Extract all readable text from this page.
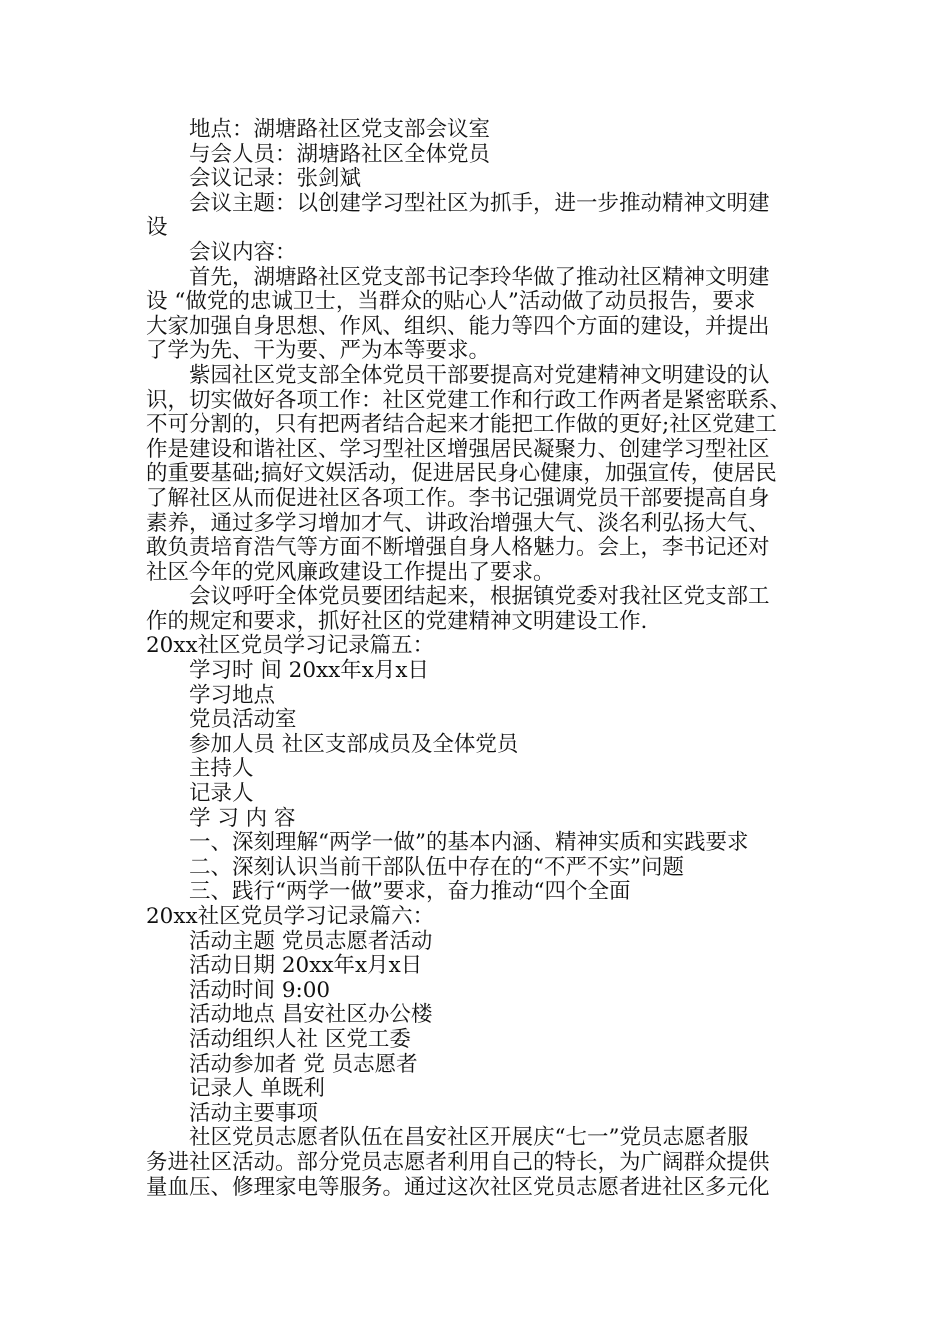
地点：湖塘路社区党支部会议室
与会人员：湖塘路社区全体党员
会议记录：张剑斌
会议主题：以创建学习型社区为抓手，进一步推动精神文明建
设
会议内容：
首先，湖塘路社区党支部书记李玲华做了推动社区精神文明建
设 “做党的忠诚卫士，当群众的贴心人”活动做了动员报告，要求
大家加强自身思想、作风、组织、能力等四个方面的建设，并提出
了学为先、干为要、严为本等要求。
紫园社区党支部全体党员干部要提高对党建精神文明建设的认
识，切实做好各项工作：社区党建工作和行政工作两者是紧密联系、
不可分割的，只有把两者结合起来才能把工作做的更好;社区党建工
作是建设和谐社区、学习型社区增强居民凝聚力、创建学习型社区
的重要基础;搞好文娱活动，促进居民身心健康，加强宣传，使居民
了解社区从而促进社区各项工作。李书记强调党员干部要提高自身
素养，通过多学习增加才气、讲政治增强大气、淡名利弘扬大气、
敢负责培育浩气等方面不断增强自身人格魅力。会上，李书记还对
社区今年的党风廉政建设工作提出了要求。
会议呼吁全体党员要团结起来，根据镇党委对我社区党支部工
作的规定和要求，抓好社区的党建精神文明建设工作.
20xx社区党员学习记录篇五：
学习时 间 20xx年x月x日
学习地点
党员活动室
参加人员 社区支部成员及全体党员
主持人
记录人
学 习 内 容
一、深刻理解“两学一做”的基本内涵、精神实质和实践要求
二、深刻认识当前干部队伍中存在的“不严不实”问题
三、践行“两学一做”要求，奋力推动“四个全面
20xx社区党员学习记录篇六：
活动主题 党员志愿者活动
活动日期 20xx年x月x日
活动时间 9:00
活动地点 昌安社区办公楼
活动组织人社 区党工委
活动参加者 党 员志愿者
记录人 单既利
活动主要事项
社区党员志愿者队伍在昌安社区开展庆“七一”党员志愿者服
务进社区活动。部分党员志愿者利用自己的特长，为广阔群众提供
量血压、修理家电等服务。通过这次社区党员志愿者进社区多元化
